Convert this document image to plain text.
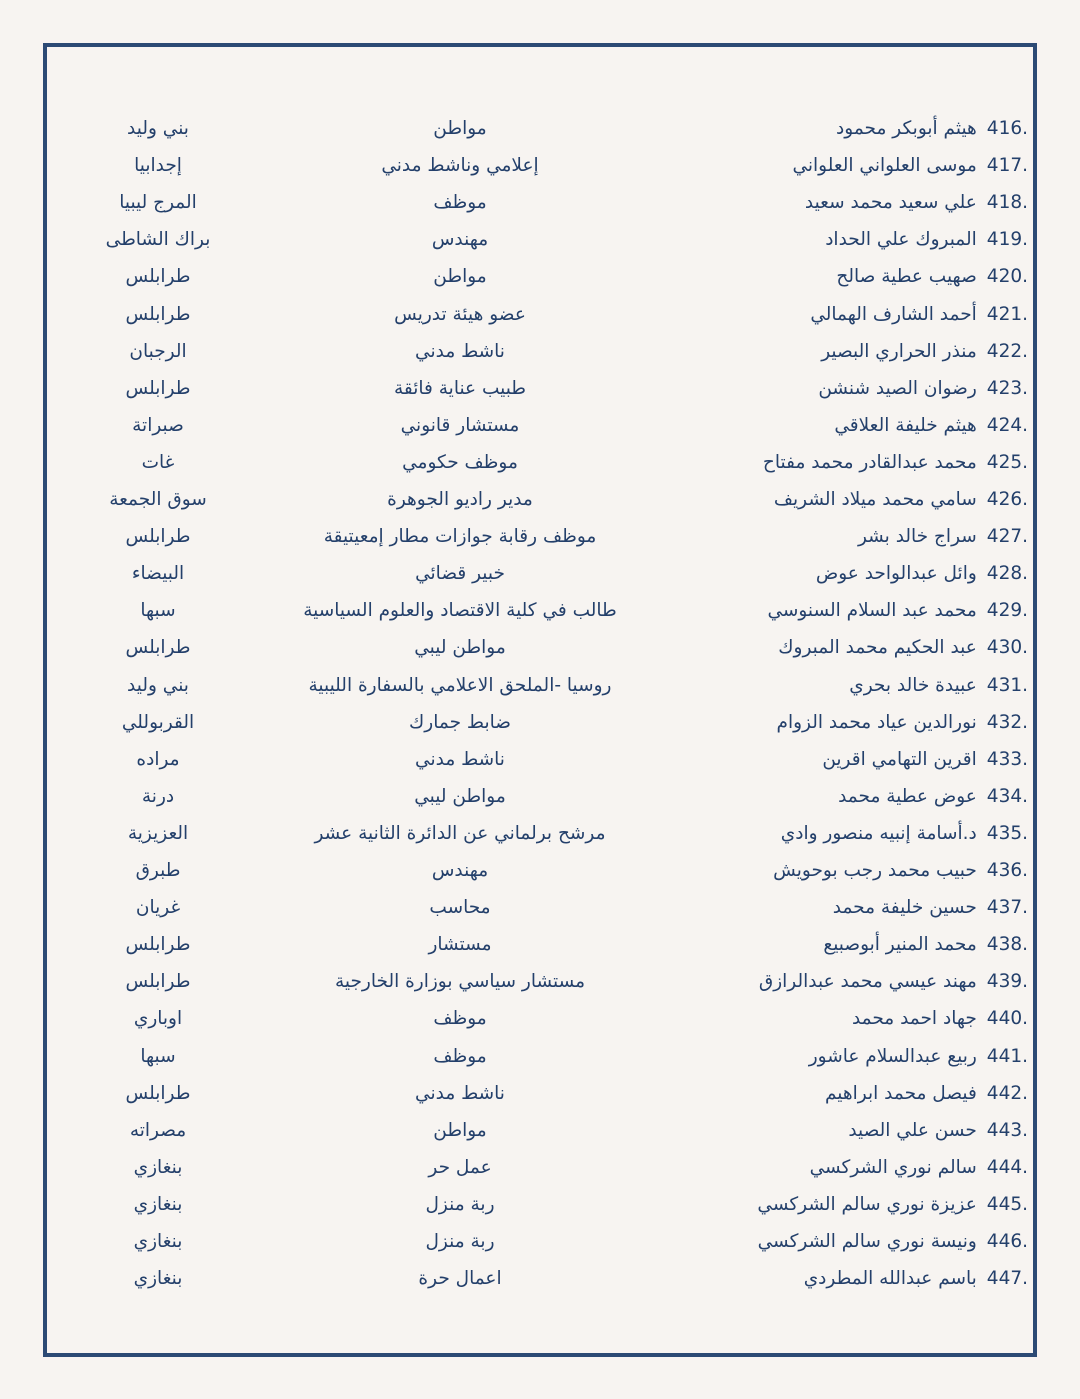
هيثم أبوبكر محمود 416.
مواطن
بني وليد
موسى العلواني العلواني 417.
إعلامي وناشط مدني
إجدابيا
علي سعيد محمد سعيد 418.
موظف
المرج ليبيا
المبروك علي الحداد 419.
مهندس
براك الشاطى
صهيب عطية صالح 420.
مواطن
طرابلس
أحمد الشارف الهمالي 421.
عضو هيئة تدريس
طرابلس
منذر الحراري البصير 422.
ناشط مدني
الرجبان
رضوان الصيد شنشن 423.
طبيب عناية فائقة
طرابلس
هيثم خليفة العلاقي 424.
مستشار قانوني
صبراتة
محمد عبدالقادر محمد مفتاح 425.
موظف حكومي
غات
سامي محمد ميلاد الشريف 426.
مدير راديو الجوهرة
سوق الجمعة
سراج خالد بشر 427.
موظف رقابة جوازات مطار إمعيتيقة
طرابلس
وائل عبدالواحد عوض 428.
خبير قضائي
البيضاء
محمد عبد السلام السنوسي 429.
طالب في كلية الاقتصاد والعلوم السياسية
سبها
عبد الحكيم محمد المبروك 430.
مواطن ليبي
طرابلس
عبيدة خالد بحري 431.
روسيا -الملحق الاعلامي بالسفارة الليبية
بني وليد
نورالدين عياد محمد الزوام 432.
ضابط جمارك
القربوللي
اقرين التهامي اقرين 433.
ناشط مدني
مراده
عوض عطية محمد 434.
مواطن ليبي
درنة
د.أسامة إنبيه منصور وادي 435.
مرشح برلماني عن الدائرة الثانية عشر
العزيزية
حبيب محمد رجب بوحويش 436.
مهندس
طبرق
حسين خليفة محمد 437.
محاسب
غريان
محمد المنير أبوصبيع 438.
مستشار
طرابلس
مهند عيسي محمد عبدالرازق 439.
مستشار سياسي بوزارة الخارجية
طرابلس
جهاد احمد محمد 440.
موظف
اوباري
ربيع عبدالسلام عاشور 441.
موظف
سبها
فيصل محمد ابراهيم 442.
ناشط مدني
طرابلس
حسن علي الصيد 443.
مواطن
مصراته
سالم نوري الشركسي 444.
عمل حر
بنغازي
عزيزة نوري سالم الشركسي 445.
ربة منزل
بنغازي
ونيسة نوري سالم الشركسي 446.
ربة منزل
بنغازي
باسم عبدالله المطردي 447.
اعمال حرة
بنغازي
